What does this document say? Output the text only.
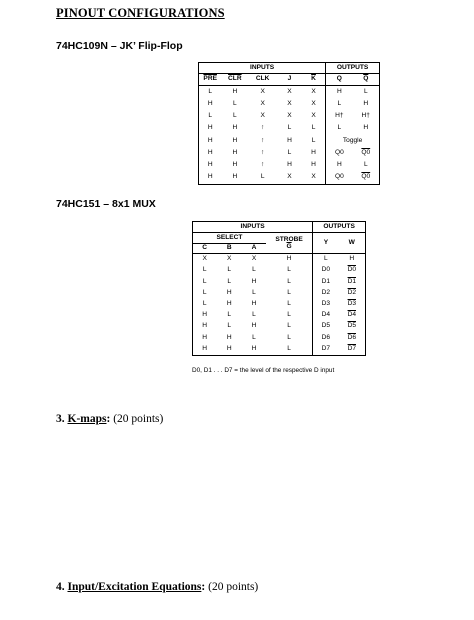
PINOUT CONFIGURATIONS
74HC109N – JK’ Flip-Flop
INPUTS					OUTPUTS	
$\overline{PRE}$	$\overline{CLR}$	CLK	J	$\overline{K}$	Q	$\overline{Q}$
L	H	X	X	X	H	L
H	L	X	X	X	L	H
L	L	X	X	X	H†	H†
H	H	↑	L	L	L	H
H	H	↑	H	L	Toggle	
H	H	↑	L	H	Q0	Q0
H	H	↑	H	H	H	L
H	H	L	X	X	Q0	Q0
74HC151 – 8x1 MUX
INPUTS				OUTPUTS	
SELECT			STROBE	Y	W
C	B	A	$\overline{G}$
X	X	X	H	L	H
L	L	L	L	D0	D0
L	L	H	L	D1	D1
L	H	L	L	D2	D2
L	H	H	L	D3	D3
H	L	L	L	D4	D4
H	L	H	L	D5	D5
H	H	L	L	D6	D6
H	H	H	L	D7	D7
D0, D1 . . . D7 = the level of the respective D input
3. K-maps: (20 points)
4. Input/Excitation Equations: (20 points)
